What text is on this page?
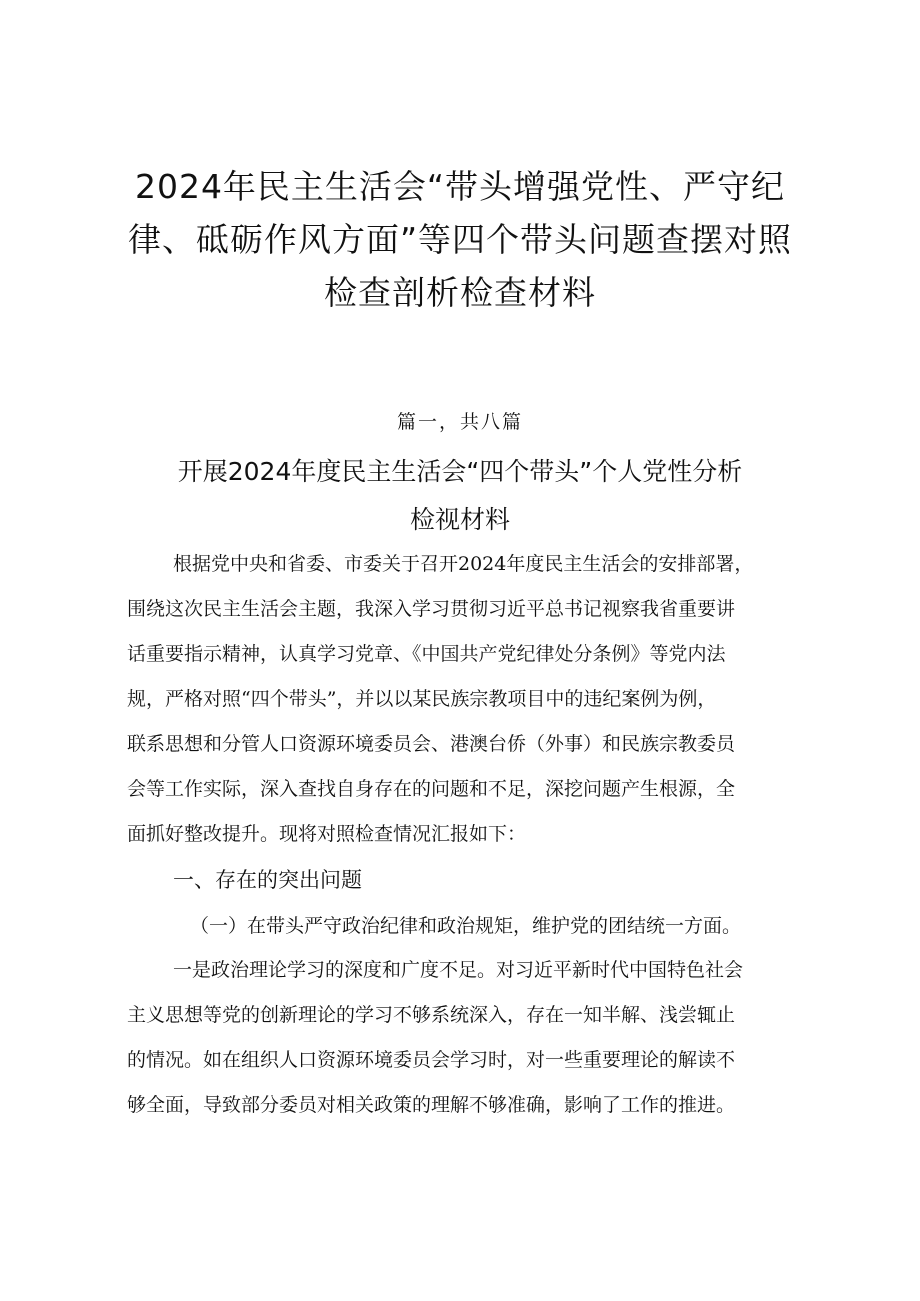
2024年民主生活会“带头增强党性、严守纪
律、砥砺作风方面”等四个带头问题查摆对照
检查剖析检查材料
篇一，共八篇
开展2024年度民主生活会“四个带头”个人党性分析
检视材料

根据党中央和省委、市委关于召开2024年度民主生活会的安排部署，
围绕这次民主生活会主题，我深入学习贯彻习近平总书记视察我省重要讲
话重要指示精神，认真学习党章、《中国共产党纪律处分条例》等党内法
规，严格对照“四个带头”，并以以某民族宗教项目中的违纪案例为例，
联系思想和分管人口资源环境委员会、港澳台侨（外事）和民族宗教委员
会等工作实际，深入查找自身存在的问题和不足，深挖问题产生根源，全
面抓好整改提升。现将对照检查情况汇报如下：

一、存在的突出问题
（一）在带头严守政治纪律和政治规矩，维护党的团结统一方面。

一是政治理论学习的深度和广度不足。对习近平新时代中国特色社会
主义思想等党的创新理论的学习不够系统深入，存在一知半解、浅尝辄止
的情况。如在组织人口资源环境委员会学习时，对一些重要理论的解读不
够全面，导致部分委员对相关政策的理解不够准确，影响了工作的推进。
